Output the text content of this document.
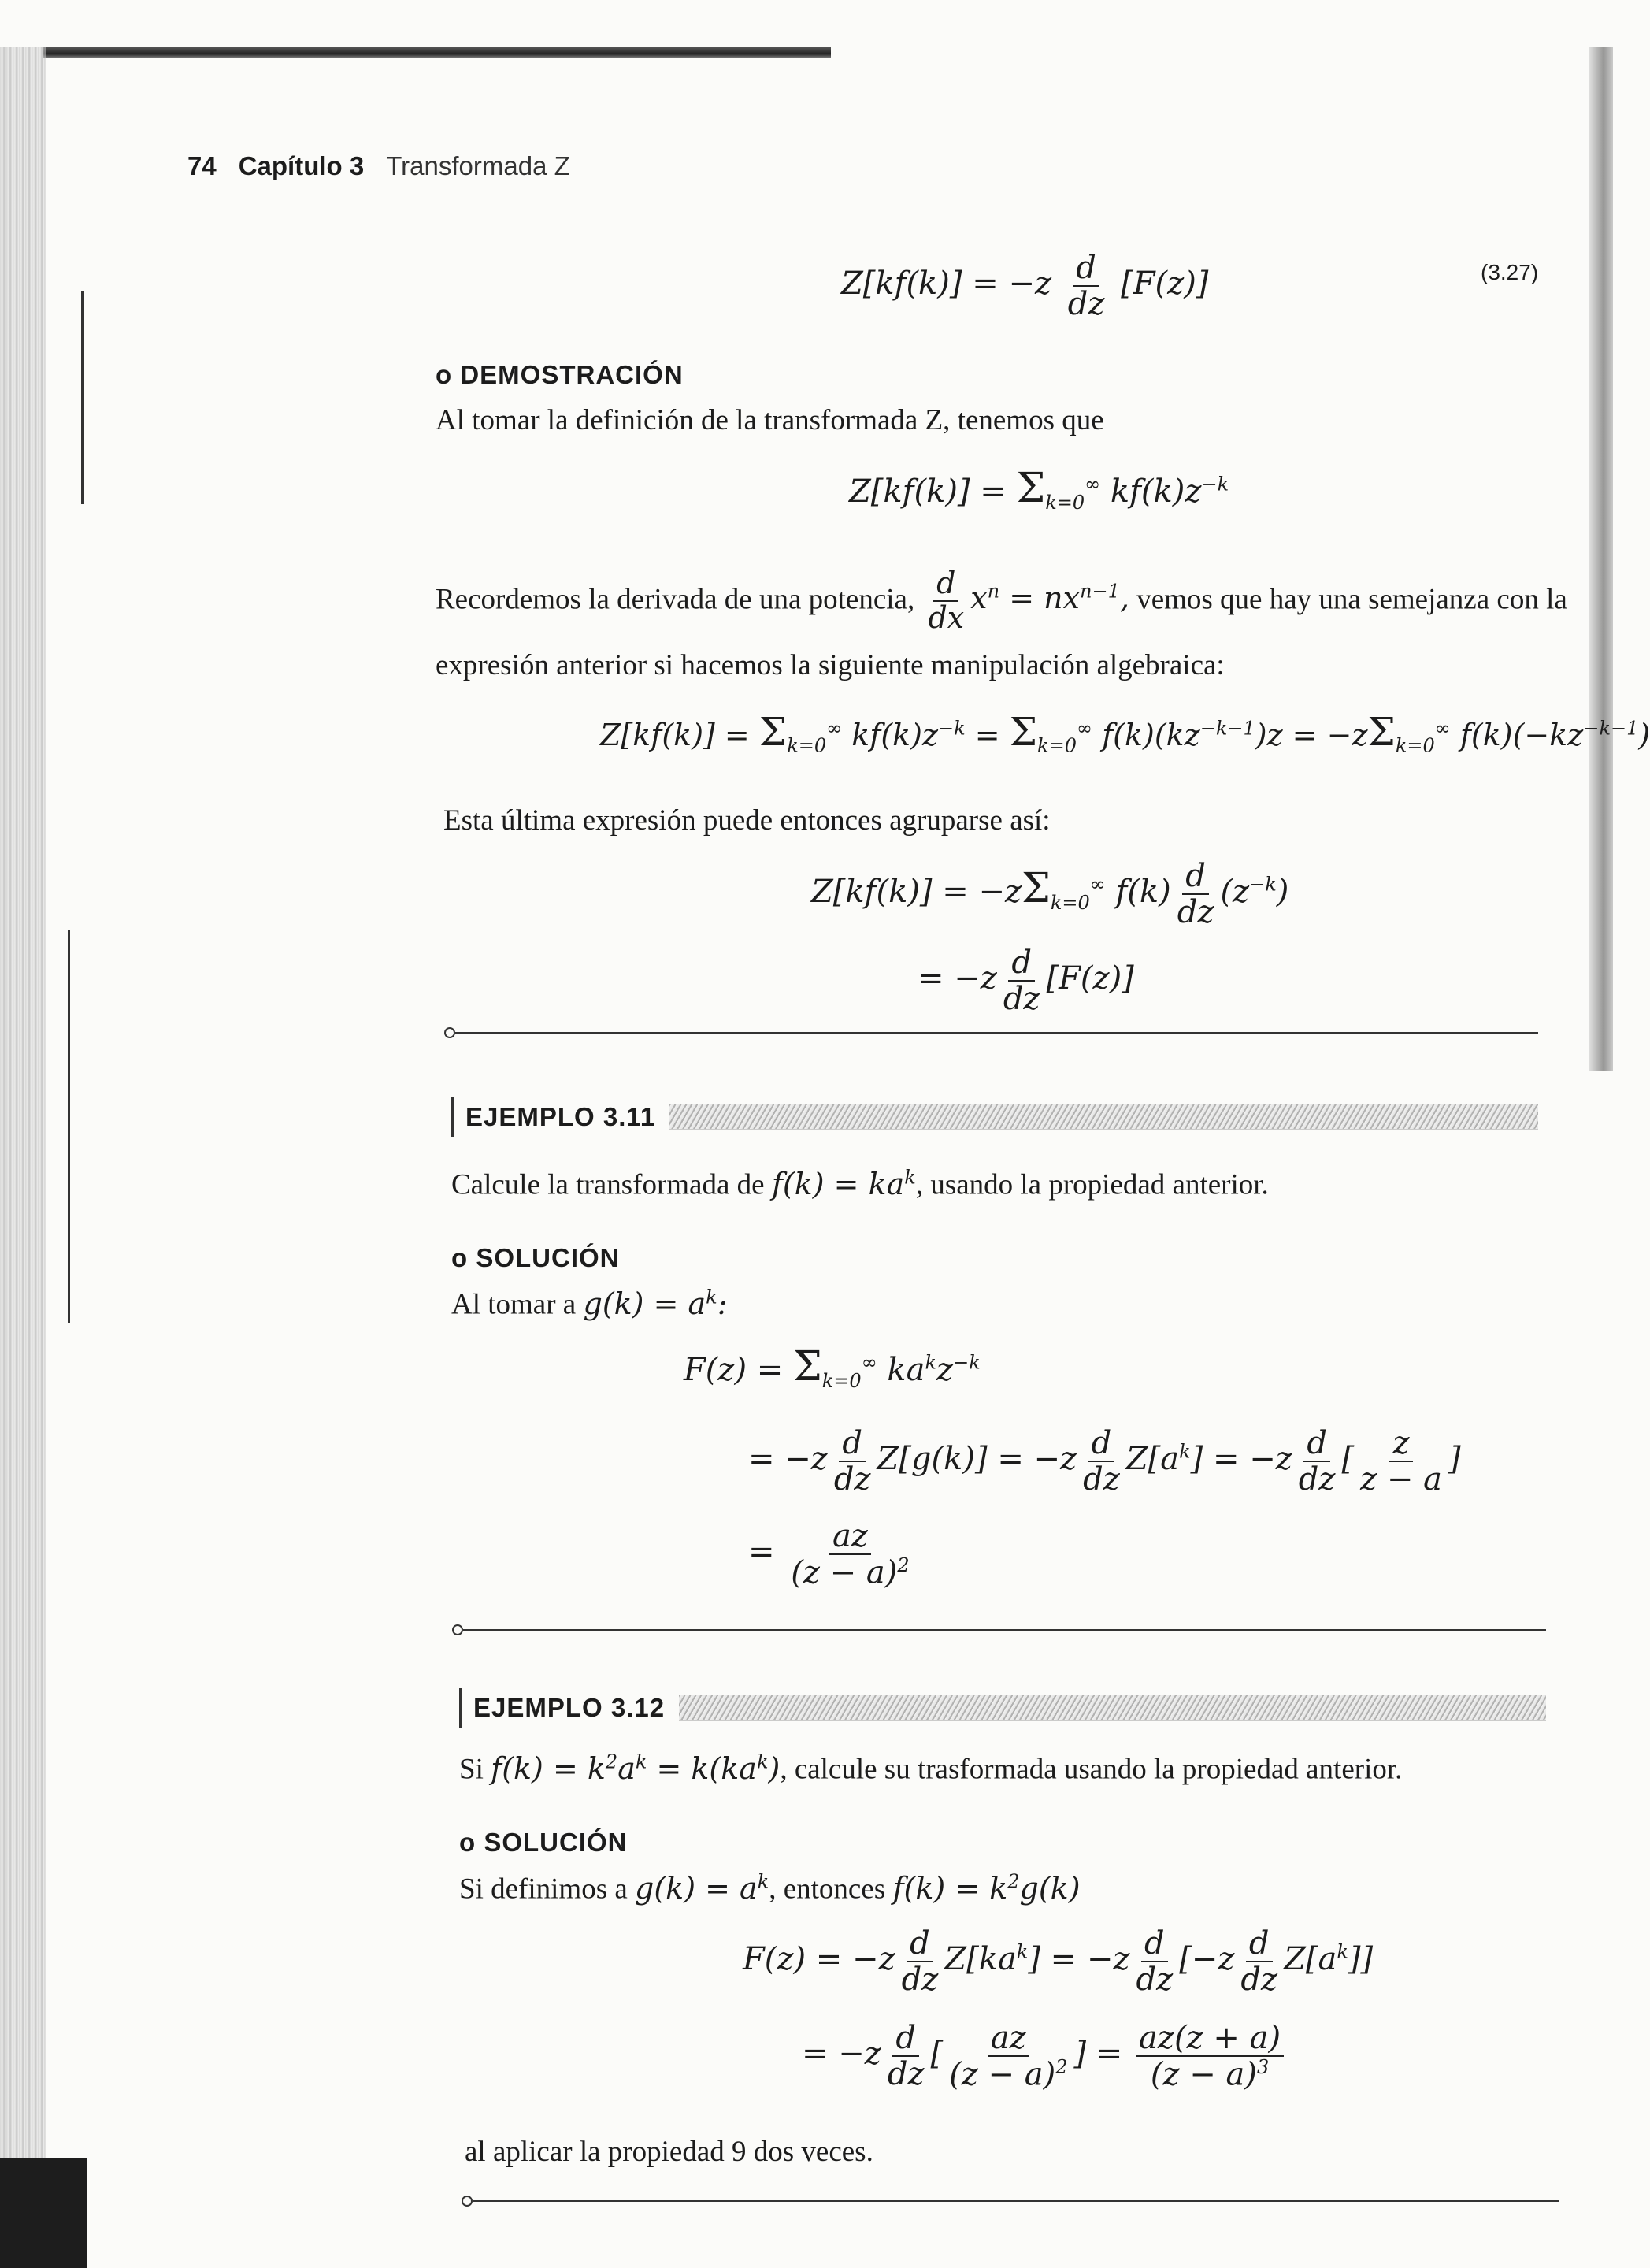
74 Capítulo 3 Transformada Z
$Z[kf(k)] = -z \frac{d}{dz} [F(z)]$	(3.27)
o DEMOSTRACIÓN
Al tomar la definición de la transformada Z, tenemos que
$Z[kf(k)] = \Sigma_{k=0}^\infty$ $kf(k)z^{-k}$
Recordemos la derivada de una potencia, $\frac{d}{dx} x^n = nx^{n-1}$, vemos que hay una semejanza con la
expresión anterior si hacemos la siguiente manipulación algebraica:
$Z[kf(k)] = \Sigma_{k=0}^\infty$ $kf(k)z^{-k} = \Sigma_{k=0}^\infty$ $f(k)(kz^{-k-1})z = -z\Sigma_{k=0}^\infty$ $f(k)(-kz^{-k-1})$
Esta última expresión puede entonces agruparse así:
$Z[kf(k)] = -z\Sigma_{k=0}^\infty$ $f(k) \frac{d}{dz} (z^{-k})$
= $-z \frac{d}{dz} [F(z)]$
EJEMPLO 3.11
Calcule la transformada de $f(k) = ka^k$, usando la propiedad anterior.
o SOLUCIÓN
Al tomar a $g(k) = a^k$:
$F(z) = \Sigma_{k=0}^\infty$ $ka^kz^{-k}$
= $-z \frac{d}{dz} Z[g(k)] = -z \frac{d}{dz} Z[a^k] = -z \frac{d}{dz}$ [ $\frac{z}{z - a}$ ]
= $\frac{az}{(z - a)^2}$
EJEMPLO 3.12
Si $f(k) = k^2a^k = k(ka^k)$, calcule su trasformada usando la propiedad anterior.
o SOLUCIÓN
Si definimos a $g(k) = a^k$, entonces $f(k) = k^2g(k)$
$F(z) = -z \frac{d}{dz} Z[ka^k] = -z \frac{d}{dz} [-z \frac{d}{dz} Z[a^k]]$
= $-z \frac{d}{dz}$ [ $\frac{az}{(z - a)^2}$ ] = $\frac{az(z + a)}{(z - a)^3}$
al aplicar la propiedad 9 dos veces.
